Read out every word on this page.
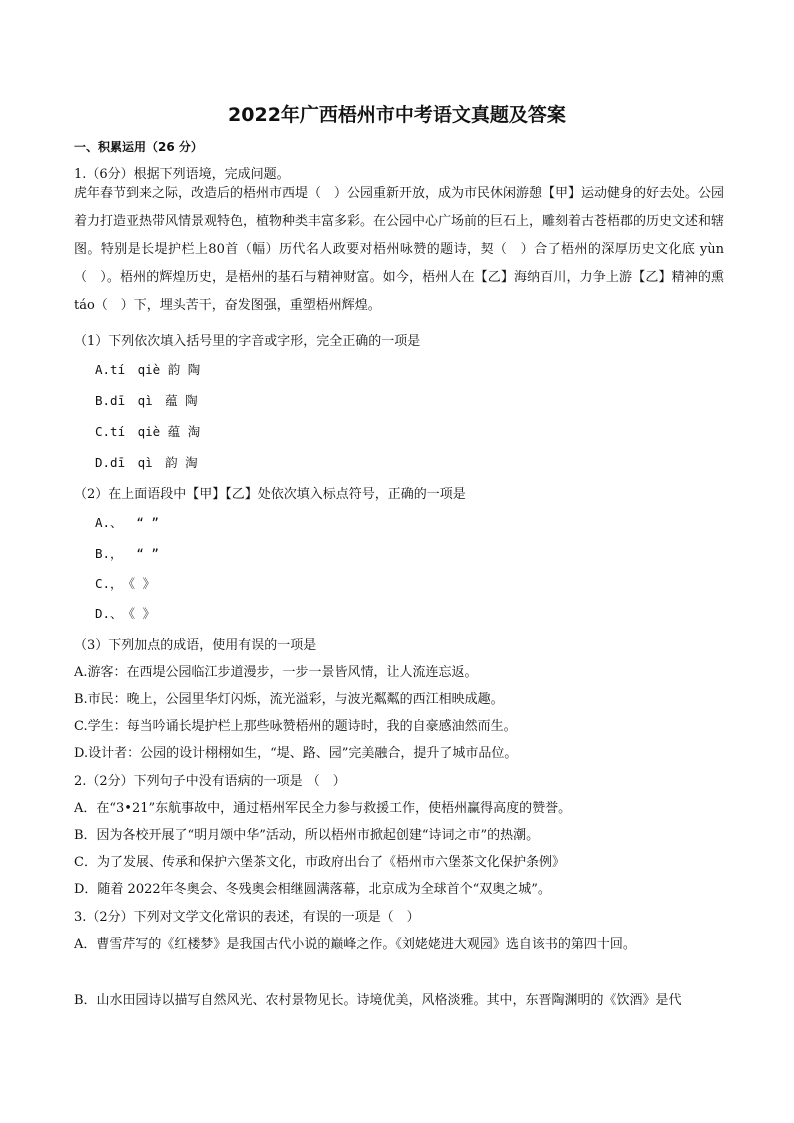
2022年广西梧州市中考语文真题及答案
一、积累运用（26 分）
1.（6分）根据下列语境，完成问题。
虎年春节到来之际，改造后的梧州市西堤（　）公园重新开放，成为市民休闲游憩【甲】运动健身的好去处。公园着力打造亚热带风情景观特色，植物种类丰富多彩。在公园中心广场前的巨石上，雕刻着古苍梧郡的历史文述和辖图。特别是长堤护栏上80首（幅）历代名人政要对梧州咏赞的题诗，契（　）合了梧州的深厚历史文化底 yùn（　）。梧州的辉煌历史，是梧州的基石与精神财富。如今，梧州人在【乙】海纳百川，力争上游【乙】精神的熏 táo（　）下，埋头苦干，奋发图强，重塑梧州辉煌。
（1）下列依次填入括号里的字音或字形，完全正确的一项是
A.tí　qiè 韵 陶
B.dī　qì　蕴 陶
C.tí　qiè 蕴 淘
D.dī　qì　韵 淘
（2）在上面语段中【甲】【乙】处依次填入标点符号，正确的一项是
A.、　 “ ”
B.，　 “ ”
C.，　《 》
D.、　《 》
（3）下列加点的成语，使用有误的一项是
A.游客：在西堤公园临江步道漫步，一步一景皆风情，让人流连忘返。
B.市民：晚上，公园里华灯闪烁，流光溢彩，与波光粼粼的西江相映成趣。
C.学生：每当吟诵长堤护栏上那些咏赞梧州的题诗时，我的自豪感油然而生。
D.设计者：公园的设计栩栩如生，“堤、路、园”完美融合，提升了城市品位。
2.（2分）下列句子中没有语病的一项是 （　）
A．在“3•21”东航事故中，通过梧州军民全力参与救援工作，使梧州赢得高度的赞誉。
B．因为各校开展了“明月颂中华”活动，所以梧州市掀起创建“诗词之市”的热潮。
C．为了发展、传承和保护六堡茶文化，市政府出台了《梧州市六堡茶文化保护条例》
D．随着 2022年冬奥会、冬残奥会相继圆满落幕，北京成为全球首个“双奥之城”。
3.（2分）下列对文学文化常识的表述，有误的一项是（　）
A．曹雪芹写的《红楼梦》是我国古代小说的巅峰之作。《刘姥姥进大观园》选自该书的第四十回。
B．山水田园诗以描写自然风光、农村景物见长。诗境优美，风格淡雅。其中，东晋陶渊明的《饮酒》是代
